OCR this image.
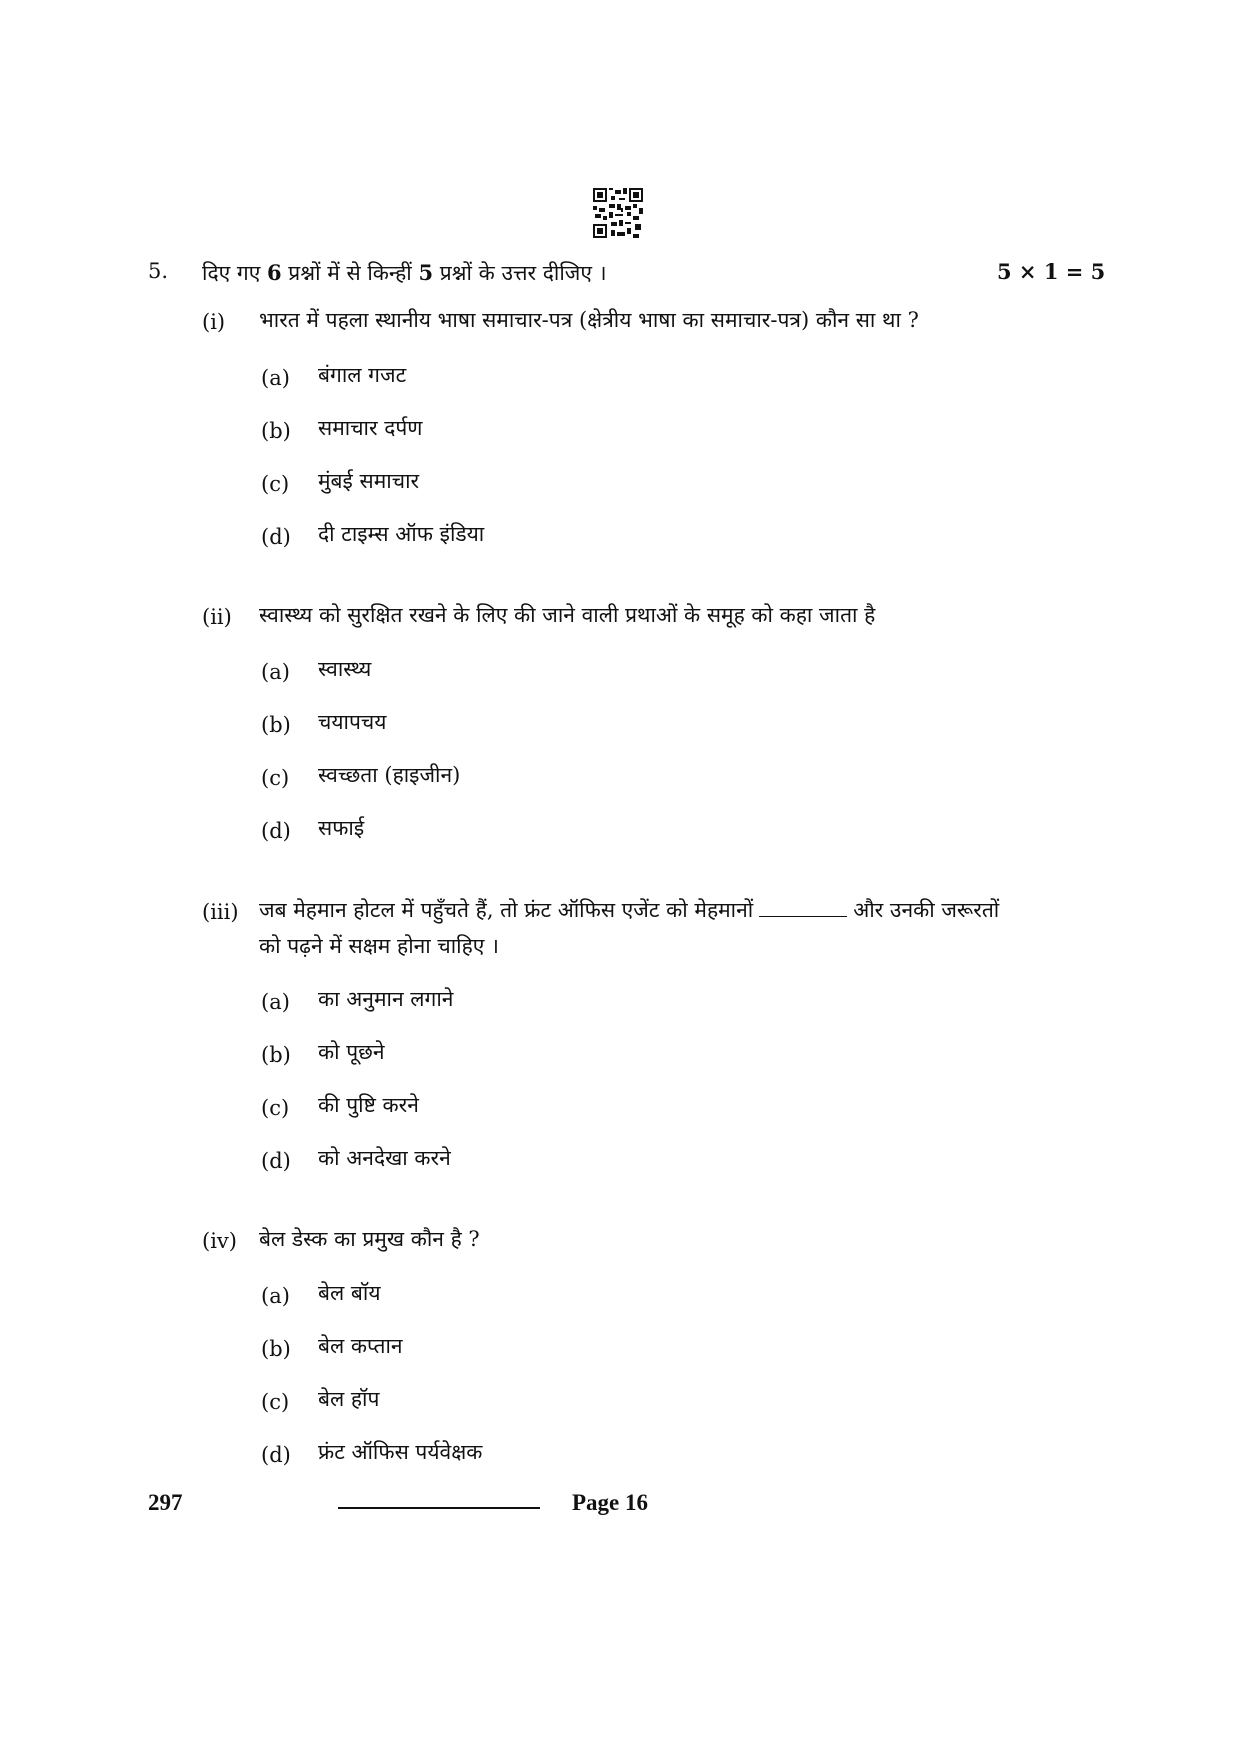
5. दिए गए 6 प्रश्नों में से किन्हीं 5 प्रश्नों के उत्तर दीजिए ।	5 × 1 = 5
(i) भारत में पहला स्थानीय भाषा समाचार-पत्र (क्षेत्रीय भाषा का समाचार-पत्र) कौन सा था ?
(a) बंगाल गजट
(b) समाचार दर्पण
(c) मुंबई समाचार
(d) दी टाइम्स ऑफ इंडिया
(ii) स्वास्थ्य को सुरक्षित रखने के लिए की जाने वाली प्रथाओं के समूह को कहा जाता है
(a) स्वास्थ्य
(b) चयापचय
(c) स्वच्छता (हाइजीन)
(d) सफाई
(iii) जब मेहमान होटल में पहुँचते हैं, तो फ्रंट ऑफिस एजेंट को मेहमानों	और उनकी जरूरतों
को पढ़ने में सक्षम होना चाहिए ।
(a) का अनुमान लगाने
(b) को पूछने
(c) की पुष्टि करने
(d) को अनदेखा करने
(iv) बेल डेस्क का प्रमुख कौन है ?
(a) बेल बॉय
(b) बेल कप्तान
(c) बेल हॉप
(d) फ्रंट ऑफिस पर्यवेक्षक
297	Page 16
